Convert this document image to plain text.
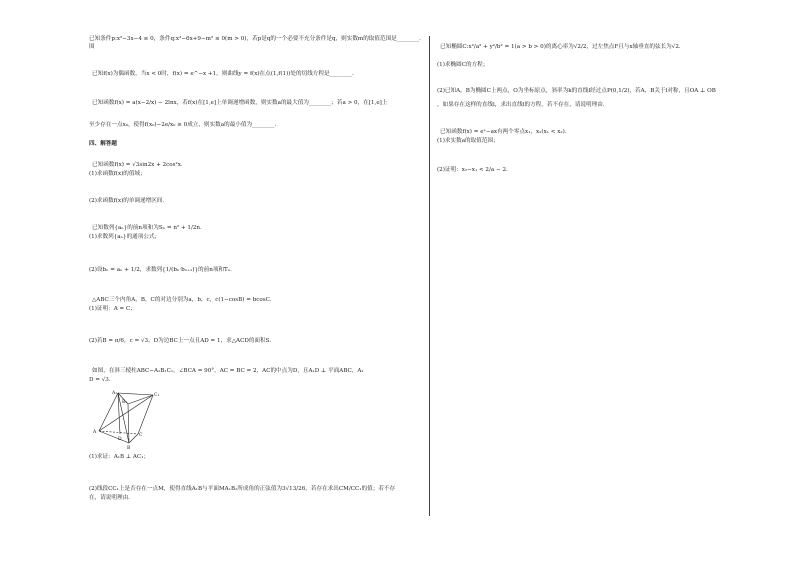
已知条件p:x²−3x−4 ≤ 0，条件q:x²−6x+9−m² ≤ 0(m > 0)，若p是q的一个必要不充分条件是q，则实数m的取值范围是________.
围
已知f(x)为偶函数，当x < 0时，f(x) = e^−x +1，则曲线y = f(x)在点(1,f(1))处的切线方程是________.
已知函数f(x) = a(x−2/x) − 2lnx，若f(x)在[1,e]上单调递增函数，则实数a的最大值为________；若a > 0，在[1,e]上
至少存在一点x₀，使得f(x₀)−2e/x₀ ≥ 0成立，则实数a的最小值为________.
四、解答题
已知函数f(x) = √3sin2x + 2cos²x.
(1)求函数f(x)的值域；
(2)求函数f(x)的单调递增区间.
已知数列{aₙ}的前n项和为Sₙ = n² + 1/2n.
(1)求数列{aₙ}的通项公式；
(2)设bₙ = aₙ + 1/2，求数列{1/(bₙ·bₙ₊₁)}的前n项和Tₙ.
△ABC三个内角A，B，C的对边分别为a，b，c，c(1−cosB) = bcosC.
(1)证明：A = C；
(2)若B = π/6，c = √3，D为边BC上一点且AD = 1，求△ACD的面积S.
如图，在斜三棱柱ABC−A₁B₁C₁，∠BCA = 90°，AC = BC = 2，AC的中点为D，且A₁D ⊥ 平面ABC，A₁
D = √3.
A₁	C₁
B₁
A
C
B
D
(1)求证：A₁B ⊥ AC₁；
(2)线段CC₁上是否存在一点M，使得直线A₁B与平面MA₁B₁所成角的正弦值为3√13/26，若存在求出CM/CC₁的值；若不存
在，请说明理由.
已知椭圆C:x²/a² + y²/b² = 1(a > b > 0)的离心率为√2/2，过左焦点F且与x轴垂直的弦长为√2.
(1)求椭圆C的方程；
(2)已知A，B为椭圆C上两点，O为坐标原点，斜率为k的直线l经过点P(0,1/2)，若A，B关于l对称，且OA ⊥ OB
，如果存在这样的直线l，求出直线l的方程，若不存在，请说明理由.
已知函数f(x) = eˣ−ax有两个零点x₁，x₂(x₁ < x₂).
(1)求实数a的取值范围；
(2)证明：x₂−x₁ < 2/a − 2.
